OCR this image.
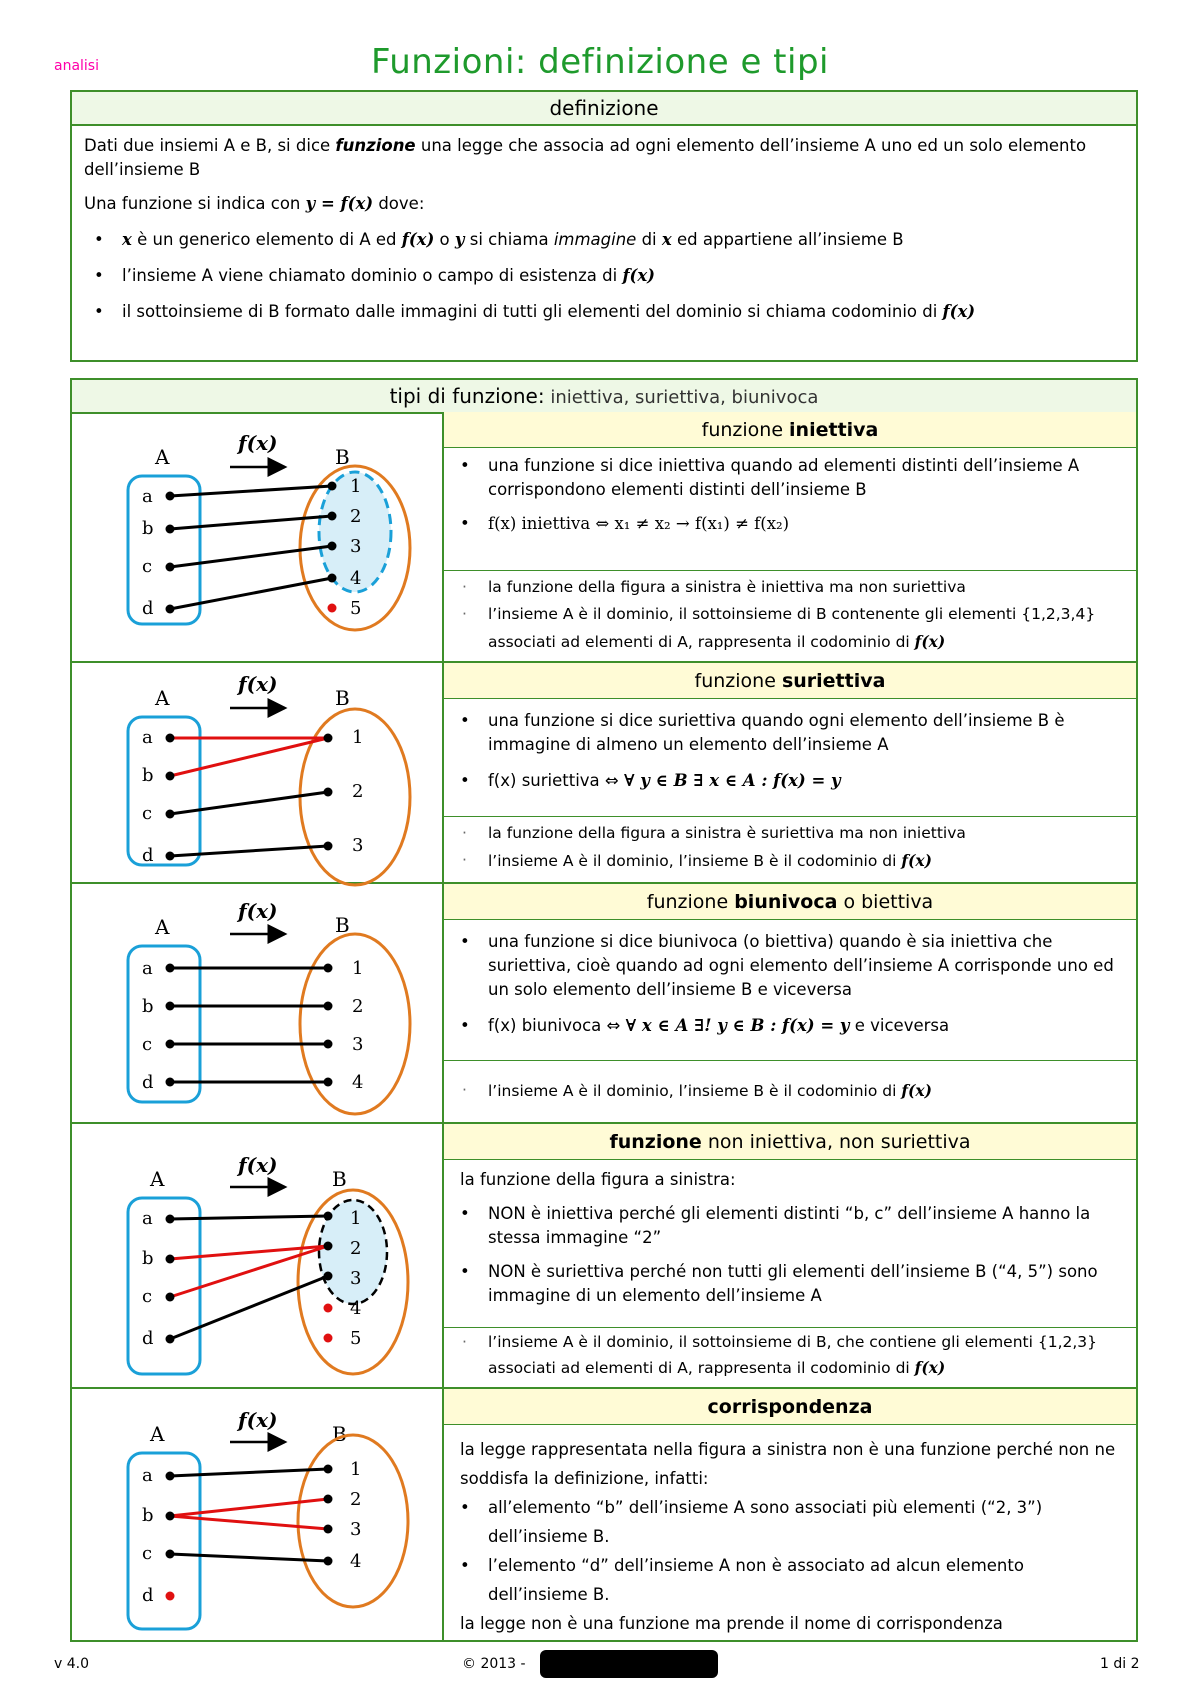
analisi	Funzioni: definizione e tipi
definizione
Dati due insiemi A e B, si dice funzione una legge che associa ad ogni elemento dell’insieme A uno ed un solo elemento dell’insieme B
Una funzione si indica con y = f(x) dove:
• x è un generico elemento di A ed f(x) o y si chiama immagine di x ed appartiene all’insieme B
• l’insieme A viene chiamato dominio o campo di esistenza di f(x)
• il sottoinsieme di B formato dalle immagini di tutti gli elementi del dominio si chiama codominio di f(x)
tipi di funzione: iniettiva, suriettiva, biunivoca
funzione iniettiva
• una funzione si dice iniettiva quando ad elementi distinti dell’insieme A corrispondono elementi distinti dell’insieme B
• f(x) iniettiva ⇔ x₁ ≠ x₂ → f(x₁) ≠ f(x₂)
· la funzione della figura a sinistra è iniettiva ma non suriettiva
· l’insieme A è il dominio, il sottoinsieme di B contenente gli elementi {1,2,3,4} associati ad elementi di A, rappresenta il codominio di f(x)
funzione suriettiva
• una funzione si dice suriettiva quando ogni elemento dell’insieme B è immagine di almeno un elemento dell’insieme A
• f(x) suriettiva ⇔ ∀ y ∈ B ∃ x ∈ A : f(x) = y
· la funzione della figura a sinistra è suriettiva ma non iniettiva
· l’insieme A è il dominio, l’insieme B è il codominio di f(x)
funzione biunivoca o biettiva
• una funzione si dice biunivoca (o biettiva) quando è sia iniettiva che suriettiva, cioè quando ad ogni elemento dell’insieme A corrisponde uno ed un solo elemento dell’insieme B e viceversa
• f(x) biunivoca ⇔ ∀ x ∈ A ∃! y ∈ B : f(x) = y e viceversa
· l’insieme A è il dominio, l’insieme B è il codominio di f(x)
funzione non iniettiva, non suriettiva
la funzione della figura a sinistra:
• NON è iniettiva perché gli elementi distinti “b, c” dell’insieme A hanno la stessa immagine “2”
• NON è suriettiva perché non tutti gli elementi dell’insieme B (“4, 5”) sono immagine di un elemento dell’insieme A
· l’insieme A è il dominio, il sottoinsieme di B, che contiene gli elementi {1,2,3} associati ad elementi di A, rappresenta il codominio di f(x)
corrispondenza
la legge rappresentata nella figura a sinistra non è una funzione perché non ne soddisfa la definizione, infatti:
• all’elemento “b” dell’insieme A sono associati più elementi (“2, 3”) dell’insieme B.
• l’elemento “d” dell’insieme A non è associato ad alcun elemento dell’insieme B.
la legge non è una funzione ma prende il nome di corrispondenza
A	B
f(x)
a
b
c
d
1
2
3
4
5
A	B
f(x)
a
b
c
d
1
2
3
A	B
f(x)
a
b
c
d
1
2
3
4
A	B
f(x)
a
b
c
d
1
2
3
4
5
A	B
f(x)
a
b
c
d
1
2
3
4
v 4.0	© 2013 -	1 di 2
